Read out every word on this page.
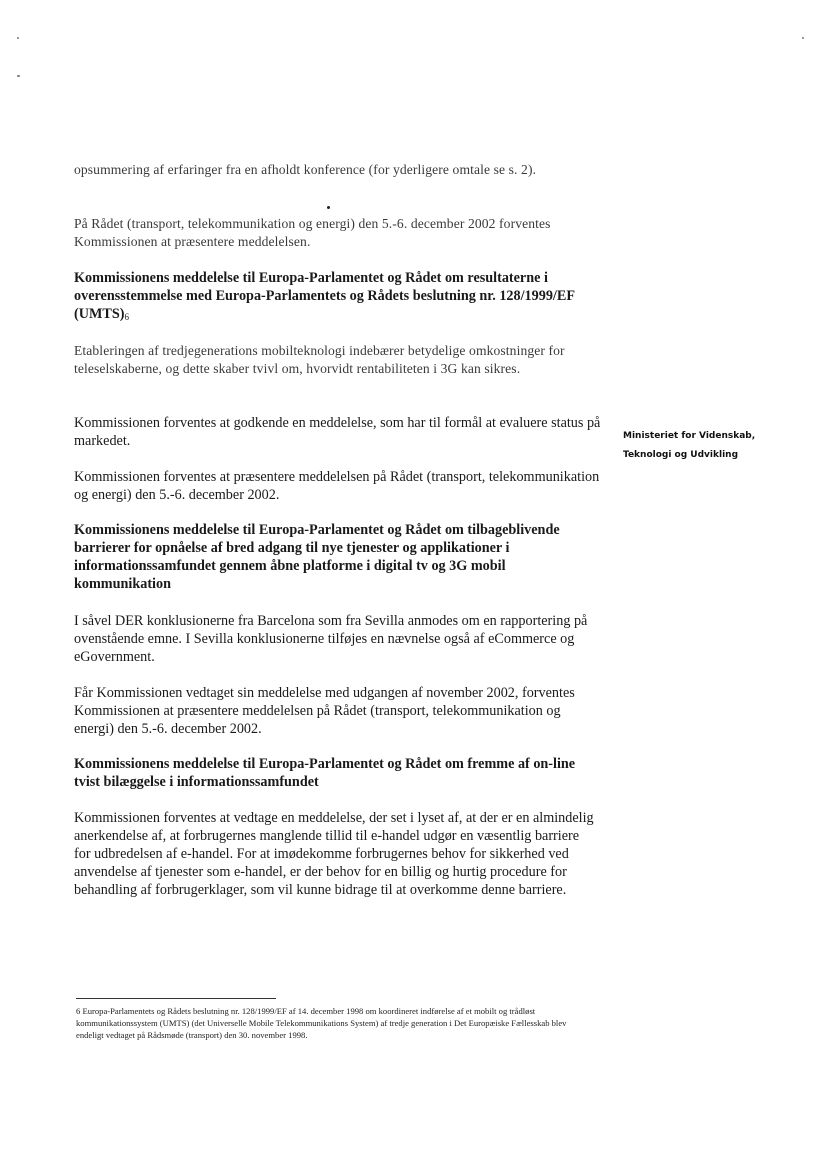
opsummering af erfaringer fra en afholdt konference (for yderligere omtale se s. 2).

På Rådet (transport, telekommunikation og energi) den 5.-6. december 2002 forventes Kommissionen at præsentere meddelelsen.

Kommissionens meddelelse til Europa-Parlamentet og Rådet om resultaterne i overensstemmelse med Europa-Parlamentets og Rådets beslutning nr. 128/1999/EF (UMTS)6

Etableringen af tredjegenerations mobilteknologi indebærer betydelige omkostninger for teleselskaberne, og dette skaber tvivl om, hvorvidt rentabiliteten i 3G kan sikres.

Kommissionen forventes at godkende en meddelelse, som har til formål at evaluere status på markedet.

Kommissionen forventes at præsentere meddelelsen på Rådet (transport, telekommunikation og energi) den 5.-6. december 2002.

Kommissionens meddelelse til Europa-Parlamentet og Rådet om tilbageblivende barrierer for opnåelse af bred adgang til nye tjenester og applikationer i informationssamfundet gennem åbne platforme i digital tv og 3G mobil kommunikation

I såvel DER konklusionerne fra Barcelona som fra Sevilla anmodes om en rapportering på ovenstående emne. I Sevilla konklusionerne tilføjes en nævnelse også af eCommerce og eGovernment.

Får Kommissionen vedtaget sin meddelelse med udgangen af november 2002, forventes Kommissionen at præsentere meddelelsen på Rådet (transport, telekommunikation og energi) den 5.-6. december 2002.

Kommissionens meddelelse til Europa-Parlamentet og Rådet om fremme af on-line tvist bilæggelse i informationssamfundet

Kommissionen forventes at vedtage en meddelelse, der set i lyset af, at der er en almindelig anerkendelse af, at forbrugernes manglende tillid til e-handel udgør en væsentlig barriere for udbredelsen af e-handel. For at imødekomme forbrugernes behov for sikkerhed ved anvendelse af tjenester som e-handel, er der behov for en billig og hurtig procedure for behandling af forbrugerklager, som vil kunne bidrage til at overkomme denne barriere.

Ministeriet for Videnskab,
Teknologi og Udvikling
6 Europa-Parlamentets og Rådets beslutning nr. 128/1999/EF af 14. december 1998 om koordineret indførelse af et mobilt og trådløst kommunikationssystem (UMTS) (det Universelle Mobile Telekommunikations System) af tredje generation i Det Europæiske Fællesskab blev endeligt vedtaget på Rådsmøde (transport) den 30. november 1998.
